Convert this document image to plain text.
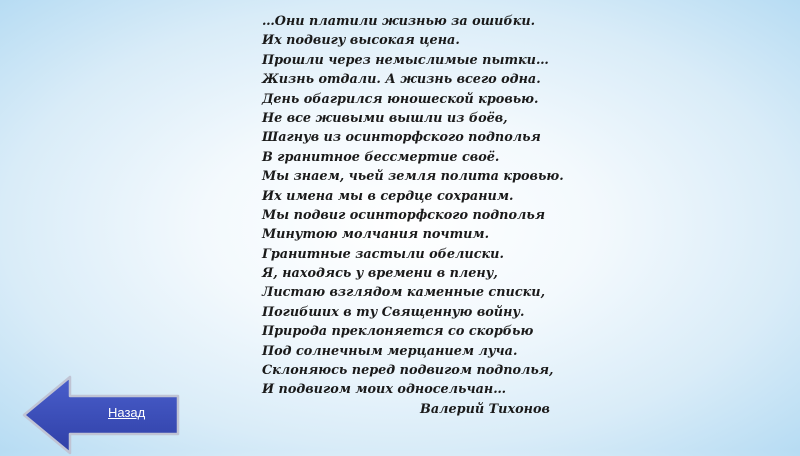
…Они платили жизнью за ошибки.
Их подвигу высокая цена.
Прошли через немыслимые пытки…
Жизнь отдали. А жизнь всего одна.
День обагрился юношеской кровью.
Не все живыми вышли из боёв,
Шагнув из осинторфского подполья
В гранитное бессмертие своё.
Мы знаем, чьей земля полита кровью.
Их имена мы в сердце сохраним.
Мы подвиг осинторфского подполья
Минутою молчания почтим.
Гранитные застыли обелиски.
Я, находясь у времени в плену,
Листаю взглядом каменные списки,
Погибших в ту Священную войну.
Природа преклоняется со скорбью
Под солнечным мерцанием луча.
Склоняюсь перед подвигом подполья,
И подвигом моих односельчан…
Валерий Тихонов
Назад
